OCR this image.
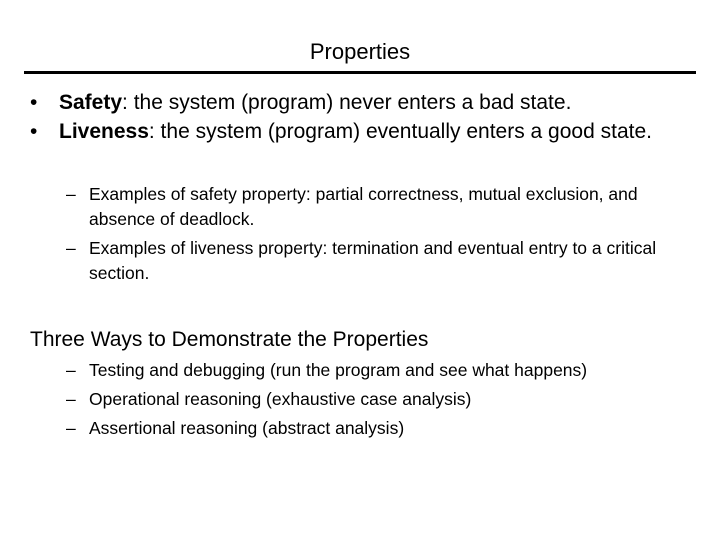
Properties
• Safety: the system (program) never enters a bad state.
• Liveness: the system (program) eventually enters a good state.
– Examples of safety property: partial correctness, mutual exclusion, and absence of deadlock.
– Examples of liveness property: termination and eventual entry to a critical section.
Three Ways to Demonstrate the Properties
– Testing and debugging (run the program and see what happens)
– Operational reasoning (exhaustive case analysis)
– Assertional reasoning (abstract analysis)
